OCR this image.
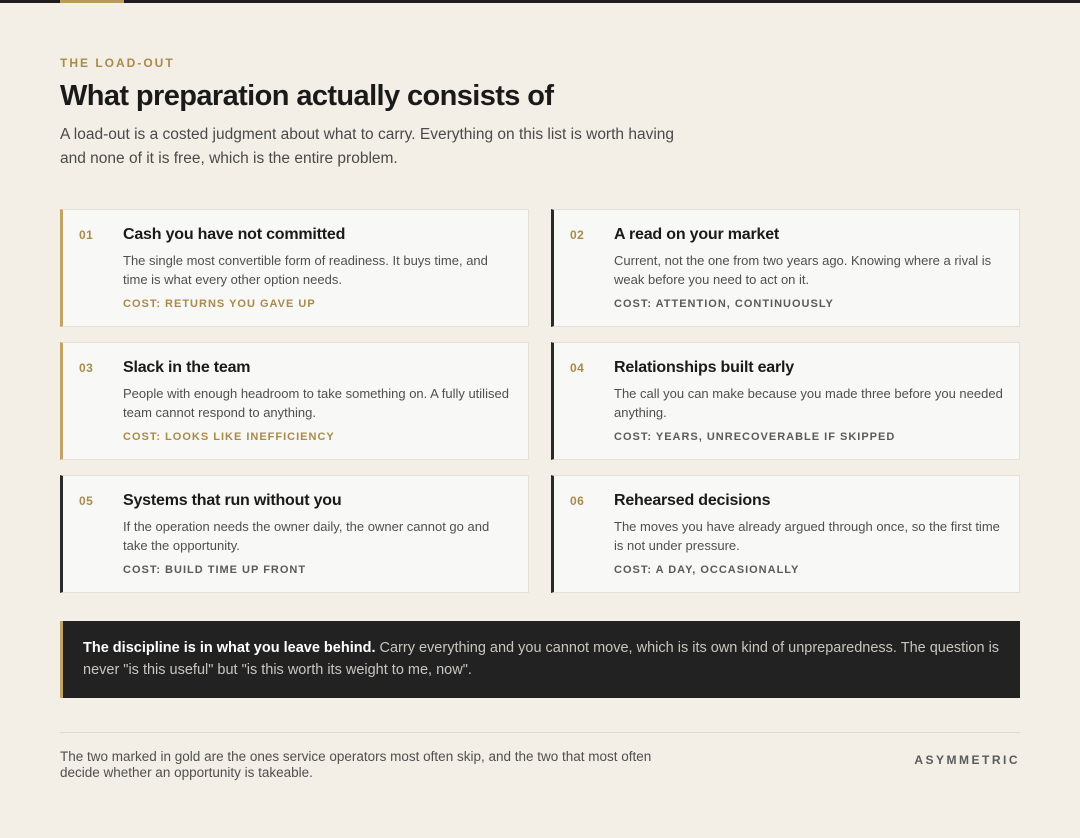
THE LOAD-OUT
What preparation actually consists of

A load-out is a costed judgment about what to carry. Everything on this list is worth having and none of it is free, which is the entire problem.

01 Cash you have not committed
The single most convertible form of readiness. It buys time, and time is what every other option needs.
COST: RETURNS YOU GAVE UP
02 A read on your market
Current, not the one from two years ago. Knowing where a rival is weak before you need to act on it.
COST: ATTENTION, CONTINUOUSLY
03 Slack in the team
People with enough headroom to take something on. A fully utilised team cannot respond to anything.
COST: LOOKS LIKE INEFFICIENCY
04 Relationships built early
The call you can make because you made three before you needed anything.
COST: YEARS, UNRECOVERABLE IF SKIPPED
05 Systems that run without you
If the operation needs the owner daily, the owner cannot go and take the opportunity.
COST: BUILD TIME UP FRONT
06 Rehearsed decisions
The moves you have already argued through once, so the first time is not under pressure.
COST: A DAY, OCCASIONALLY
The discipline is in what you leave behind. Carry everything and you cannot move, which is its own kind of unpreparedness. The question is never "is this useful" but "is this worth its weight to me, now".

The two marked in gold are the ones service operators most often skip, and the two that most often decide whether an opportunity is takeable.

ASYMMETRIC
